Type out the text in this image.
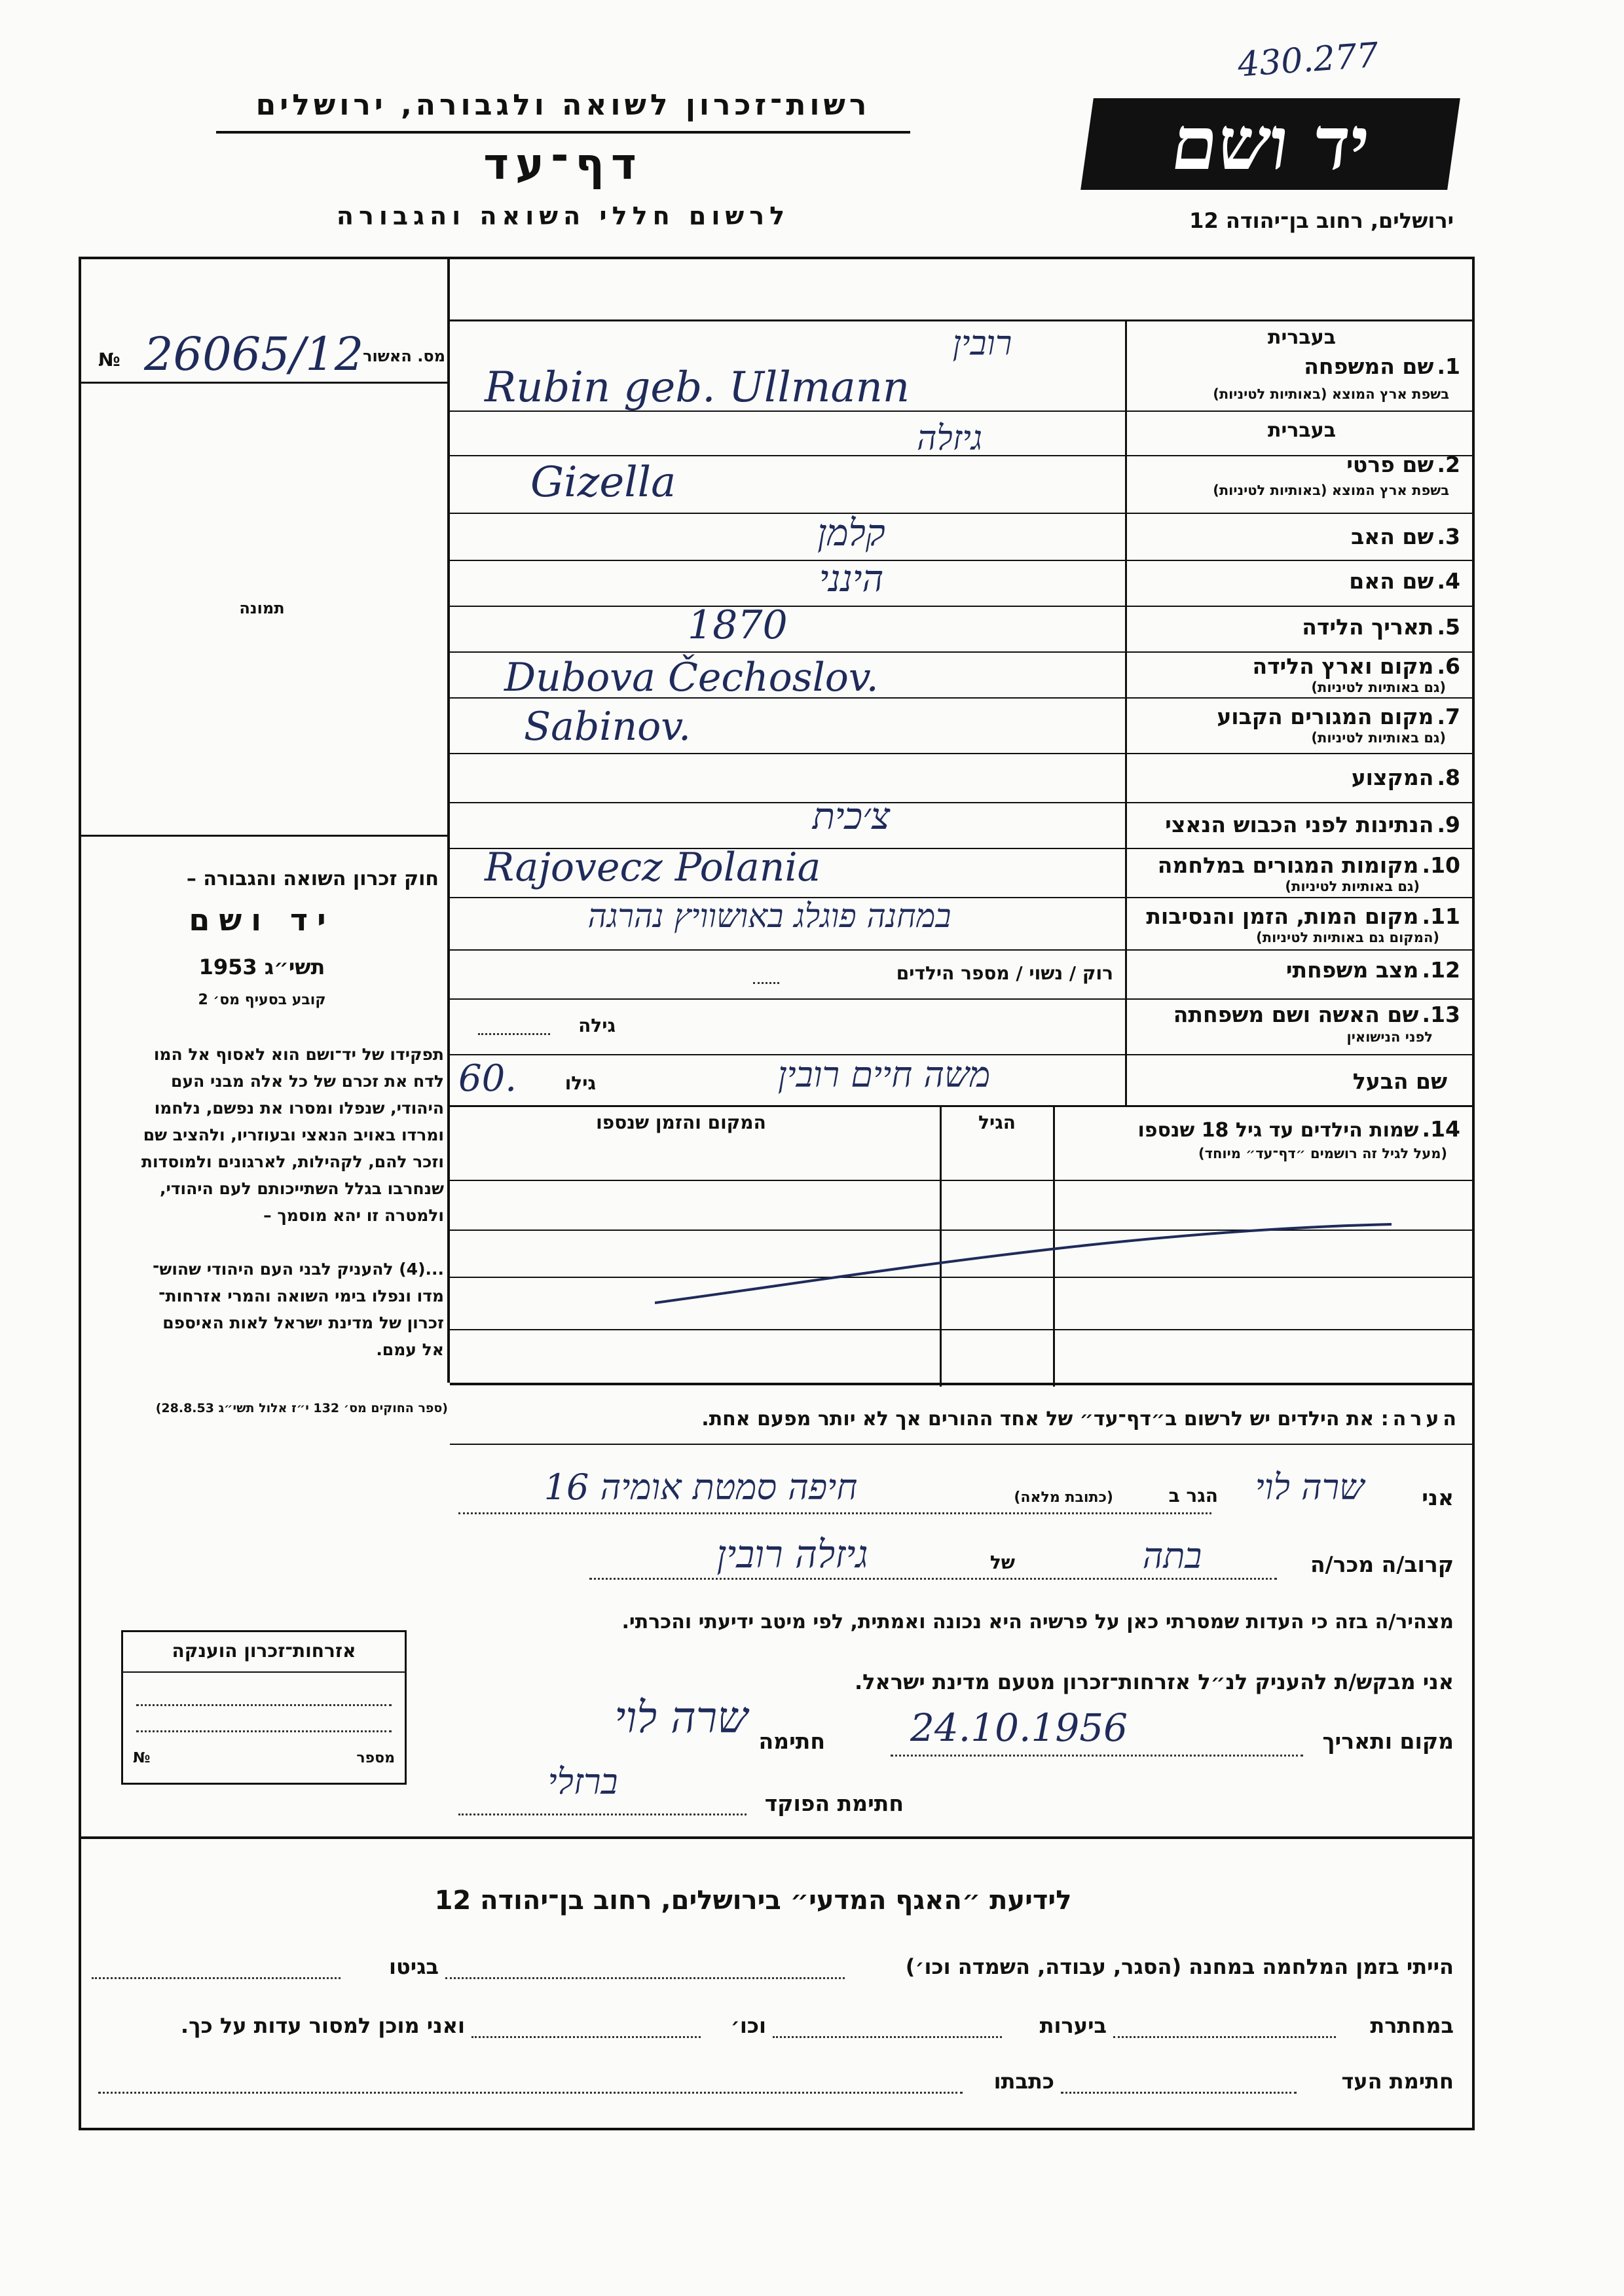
430.277
רשות־זכרון לשואה ולגבורה, ירושלים
דף־עד
לרשום חללי השואה והגבורה
יד ושם
ירושלים, רחוב בן־יהודה 12
№ 26065/12
מס. האשור
תמונה
חוק זכרון השואה והגבורה –
יד ושם
תשי״ג 1953
קובע בסעיף מס׳ 2
תפקידו של יד־ושם הוא לאסוף אל המו
לדח את זכרם של כל אלה מבני העם
היהודי, שנפלו ומסרו את נפשם, נלחמו
ומרדו באויב הנאצי ובעוזריו, ולהציב שם
וזכר להם, לקהילות, לארגונים ולמוסדות
שנחרבו בגלל השתייכותם לעם היהודי,
ולמטרה זו יהא מוסמך –
...(4) להעניק לבני העם היהודי שהוש־
מדו ונפלו בימי השואה והמרי אזרחות־
זכרון של מדינת ישראל לאות האיספם
אל עמם.
(ספר החוקים מס׳ 132 י״ז אלול תשי״ג 28.8.53)
בעברית
1. שם המשפחה
בשפת ארץ המוצא (באותיות לטיניות)
רובין
Rubin geb. Ullmann
בעברית
2. שם פרטי
בשפת ארץ המוצא (באותיות לטיניות)
גיזלה
Gizella
3. שם האב
קלמן
4. שם האם
הינני
5. תאריך הלידה
1870
6. מקום וארץ הלידה
(גם באותיות לטיניות)
Dubova Čechoslov.
7. מקום המגורים הקבוע
(גם באותיות לטיניות)
Sabinov.
8. המקצוע
9. הנתינות לפני הכבוש הנאצי
צ׳כית
10. מקומות המגורים במלחמה
(גם באותיות לטיניות)
Rajovecz Polania
11. מקום המות, הזמן והנסיבות
(המקום גם באותיות לטיניות)
במחנה פוגלג באושוויץ נהרגה
12. מצב משפחתי
רוק / נשוי / מספר הילדים
13. שם האשה ושם משפחתה
לפני הנישואין
גילה
שם הבעל
משה חיים רובין
גילו
60.
14. שמות הילדים עד גיל 18 שנספו
(מעל לגיל זה רושמים ״דף־עד״ מיוחד)
הגיל
המקום והזמן שנספו
הערה: את הילדים יש לרשום ב״דף־עד״ של אחד ההורים אך לא יותר מפעם אחת.
אני
שרה לוי
הגר ב
(כתובת מלאה)
חיפה סמטת אומיה 16
קרוב/ה מכר/ה
בתה
של
גיזלה רובין
מצהיר/ה בזה כי העדות שמסרתי כאן על פרשיה היא נכונה ואמתית, לפי מיטב ידיעתי והכרתי.
אני מבקש/ת להעניק לנ״ל אזרחות־זכרון מטעם מדינת ישראל.
מקום ותאריך
24.10.1956
חתימה
שרה לוי
חתימת הפוקד
ברזלי
אזרחות־זכרון הוענקה
מספר
№
לידיעת ״האגף המדעי״ בירושלים, רחוב בן־יהודה 12
הייתי בזמן המלחמה במחנה (הסגר, עבודה, השמדה וכו׳)
בגיטו
במחתרת
ביערות
וכו׳
ואני מוכן למסור עדות על כך.
חתימת העד
כתבתו
